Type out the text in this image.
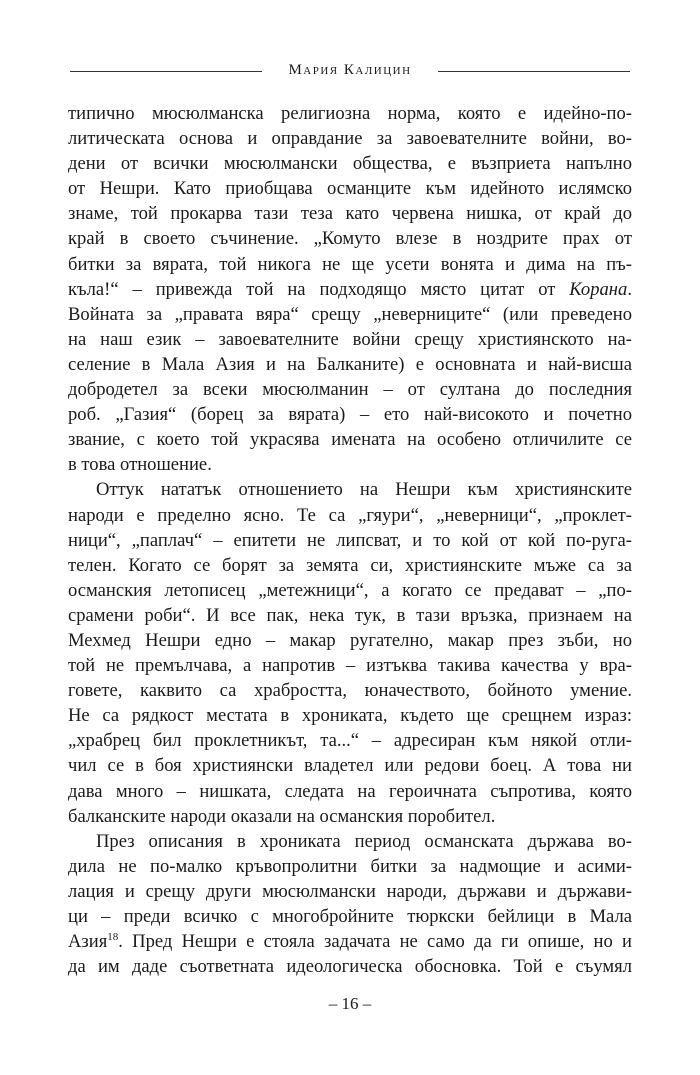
Мария Калицин
типично мюсюлманска религиозна норма, която е идейно-по-
литическата основа и оправдание за завоевателните войни, во-
дени от всички мюсюлмански общества, е възприета напълно
от Нешри. Като приобщава османците към идейното ислямско
знаме, той прокарва тази теза като червена нишка, от край до
край в своето съчинение. „Комуто влезе в ноздрите прах от
битки за вярата, той никога не ще усети вонята и дима на пъ-
къла!“ – привежда той на подходящо място цитат от Корана.
Войната за „правата вяра“ срещу „неверниците“ (или преведено
на наш език – завоевателните войни срещу християнското на-
селение в Мала Азия и на Балканите) е основната и най-висша
добродетел за всеки мюсюлманин – от султана до последния
роб. „Газия“ (борец за вярата) – ето най-високото и почетно
звание, с което той украсява имената на особено отличилите се
в това отношение.
Оттук нататък отношението на Нешри към християнските
народи е пределно ясно. Те са „гяури“, „неверници“, „проклет-
ници“, „паплач“ – епитети не липсват, и то кой от кой по-руга-
телен. Когато се борят за земята си, християнските мъже са за
османския летописец „метежници“, а когато се предават – „по-
срамени роби“. И все пак, нека тук, в тази връзка, признаем на
Мехмед Нешри едно – макар ругателно, макар през зъби, но
той не премълчава, а напротив – изтъква такива качества у вра-
говете, каквито са храбростта, юначеството, бойното умение.
Не са рядкост местата в хрониката, където ще срещнем израз:
„храбрец бил проклетникът, та...“ – адресиран към някой отли-
чил се в боя християнски владетел или редови боец. А това ни
дава много – нишката, следата на героичната съпротива, която
балканските народи оказали на османския поробител.
През описания в хрониката период османската държава во-
дила не по-малко кръвопролитни битки за надмощие и асими-
лация и срещу други мюсюлмански народи, държави и държави-
ци – преди всичко с многобройните тюркски бейлици в Мала
Азия$^{18}$. Пред Нешри е стояла задачата не само да ги опише, но и
да им даде съответната идеологическа обосновка. Той е съумял
– 16 –
